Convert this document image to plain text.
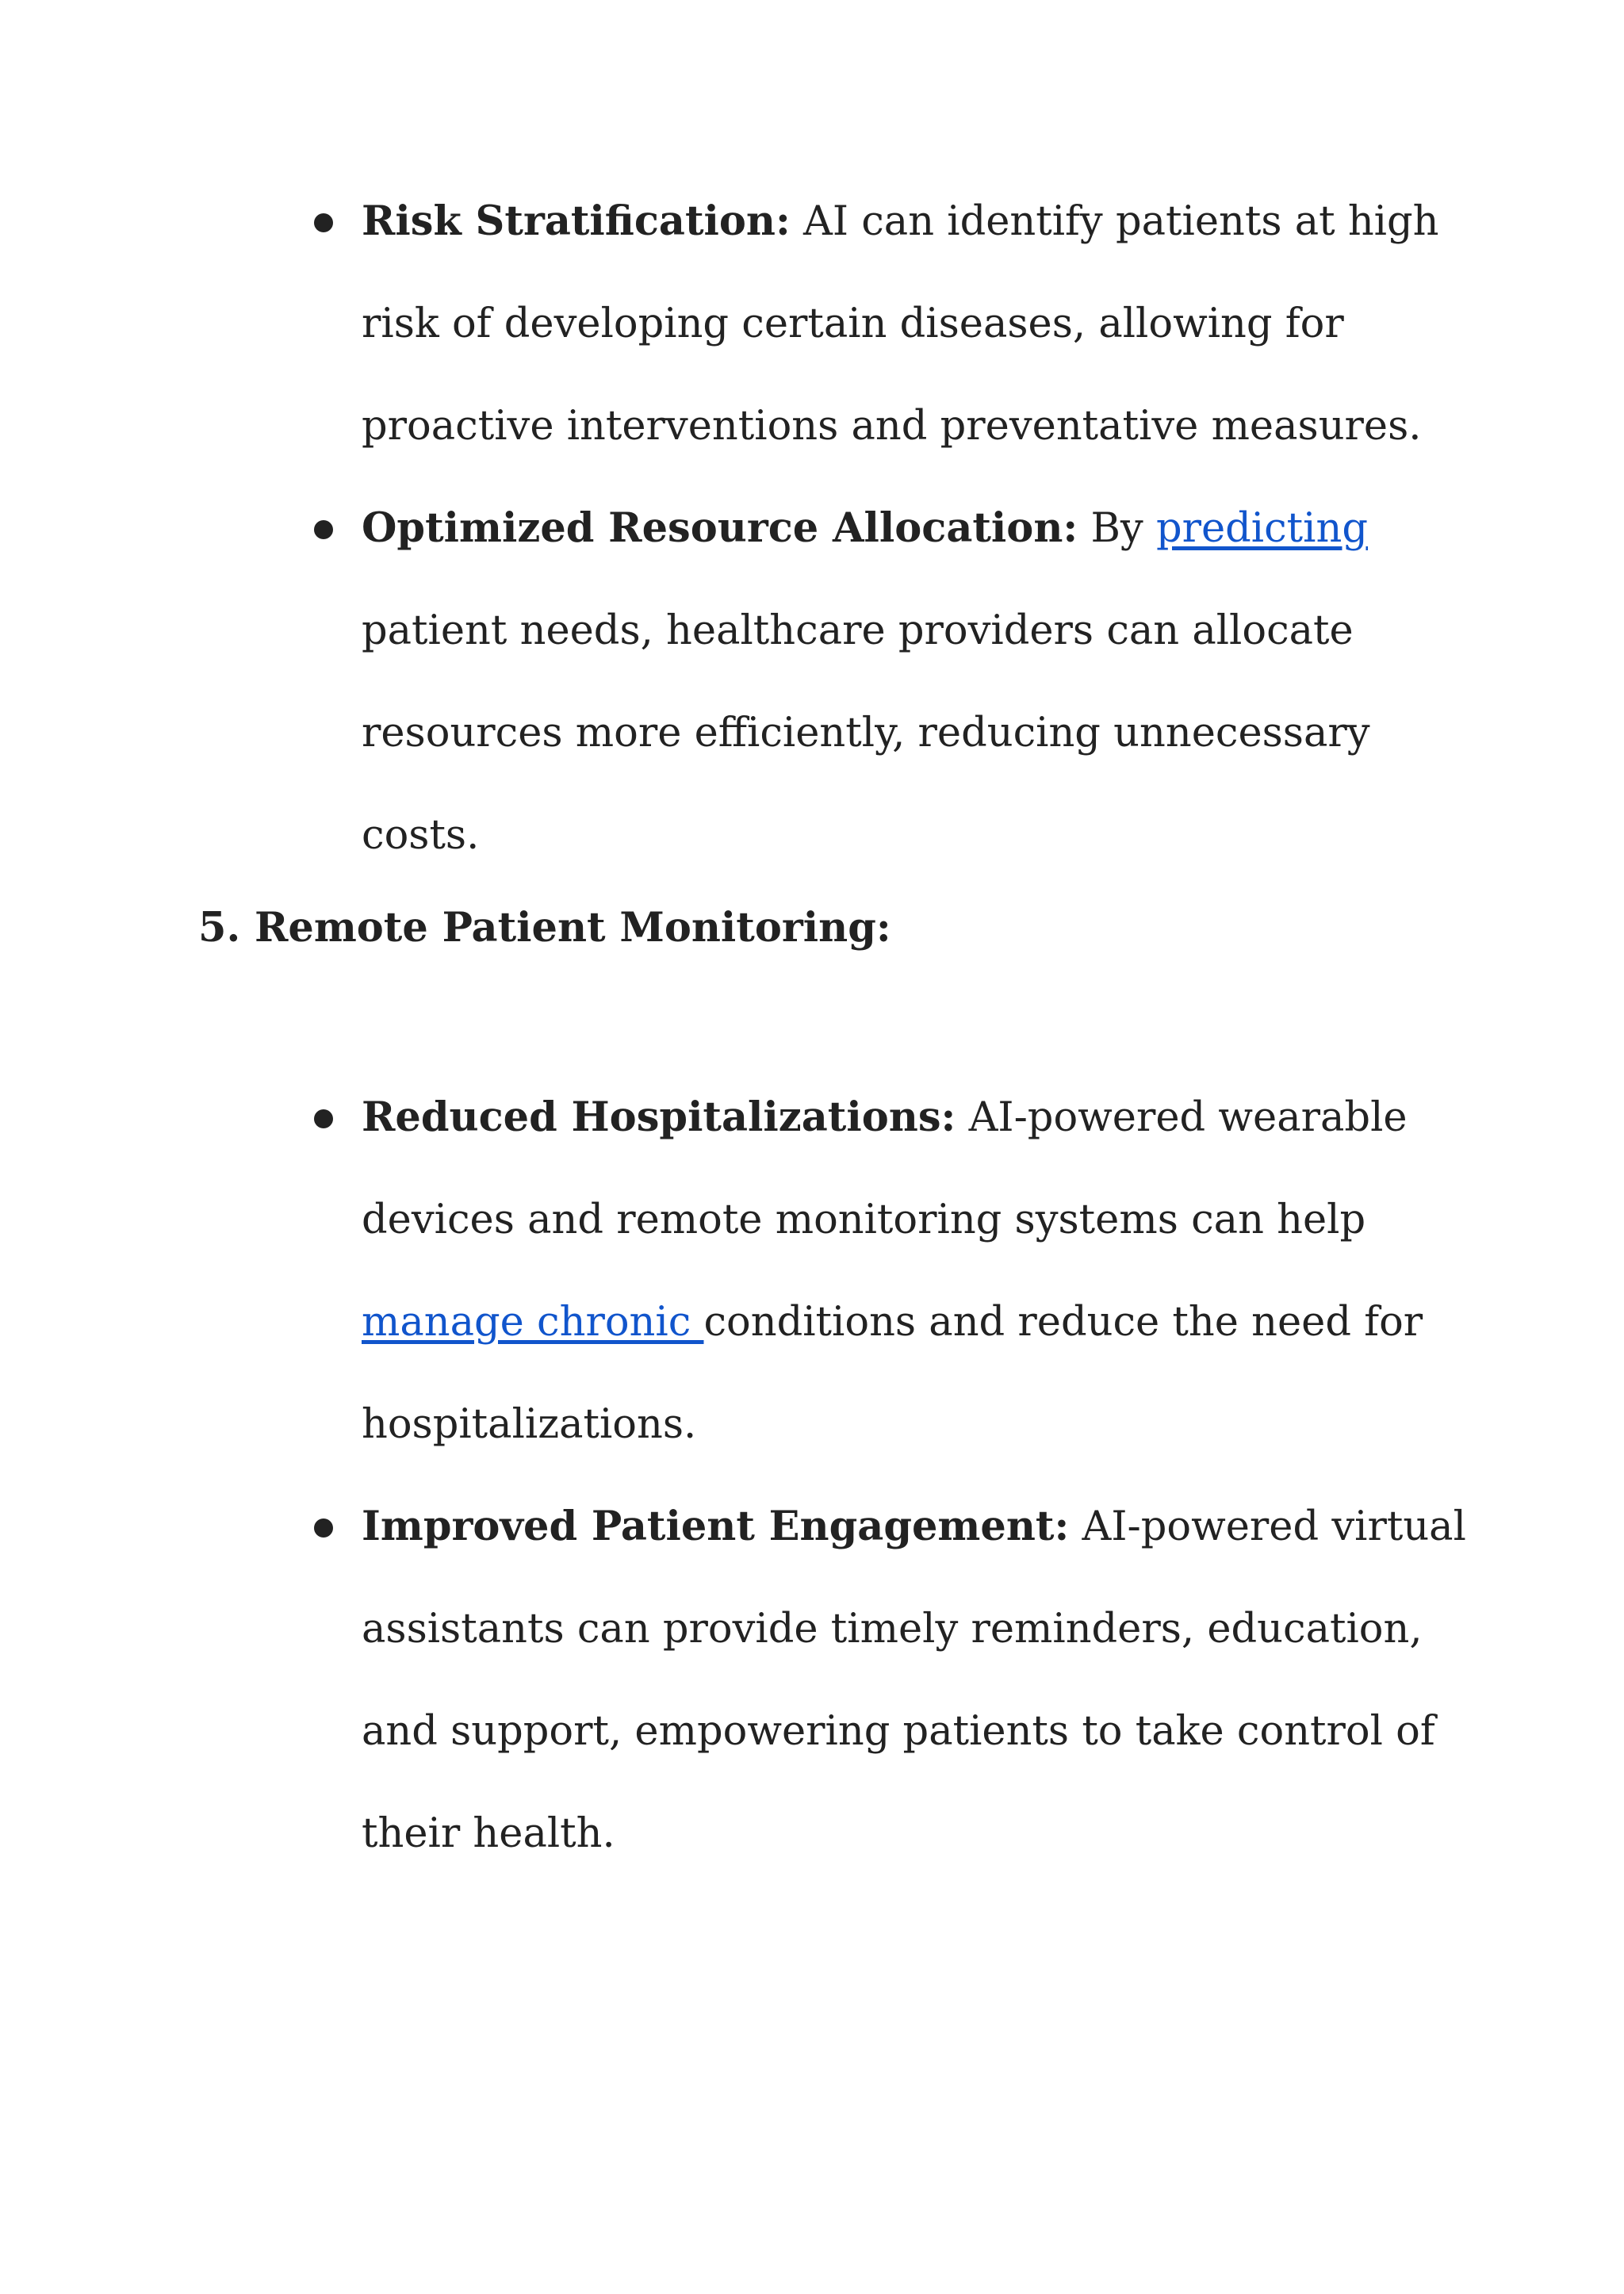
Risk Stratification: AI can identify patients at high risk of developing certain diseases, allowing for proactive interventions and preventative measures.
Optimized Resource Allocation: By predicting patient needs, healthcare providers can allocate resources more efficiently, reducing unnecessary costs.
5. Remote Patient Monitoring:
Reduced Hospitalizations: AI-powered wearable devices and remote monitoring systems can help manage chronic conditions and reduce the need for hospitalizations.
Improved Patient Engagement: AI-powered virtual assistants can provide timely reminders, education, and support, empowering patients to take control of their health.
